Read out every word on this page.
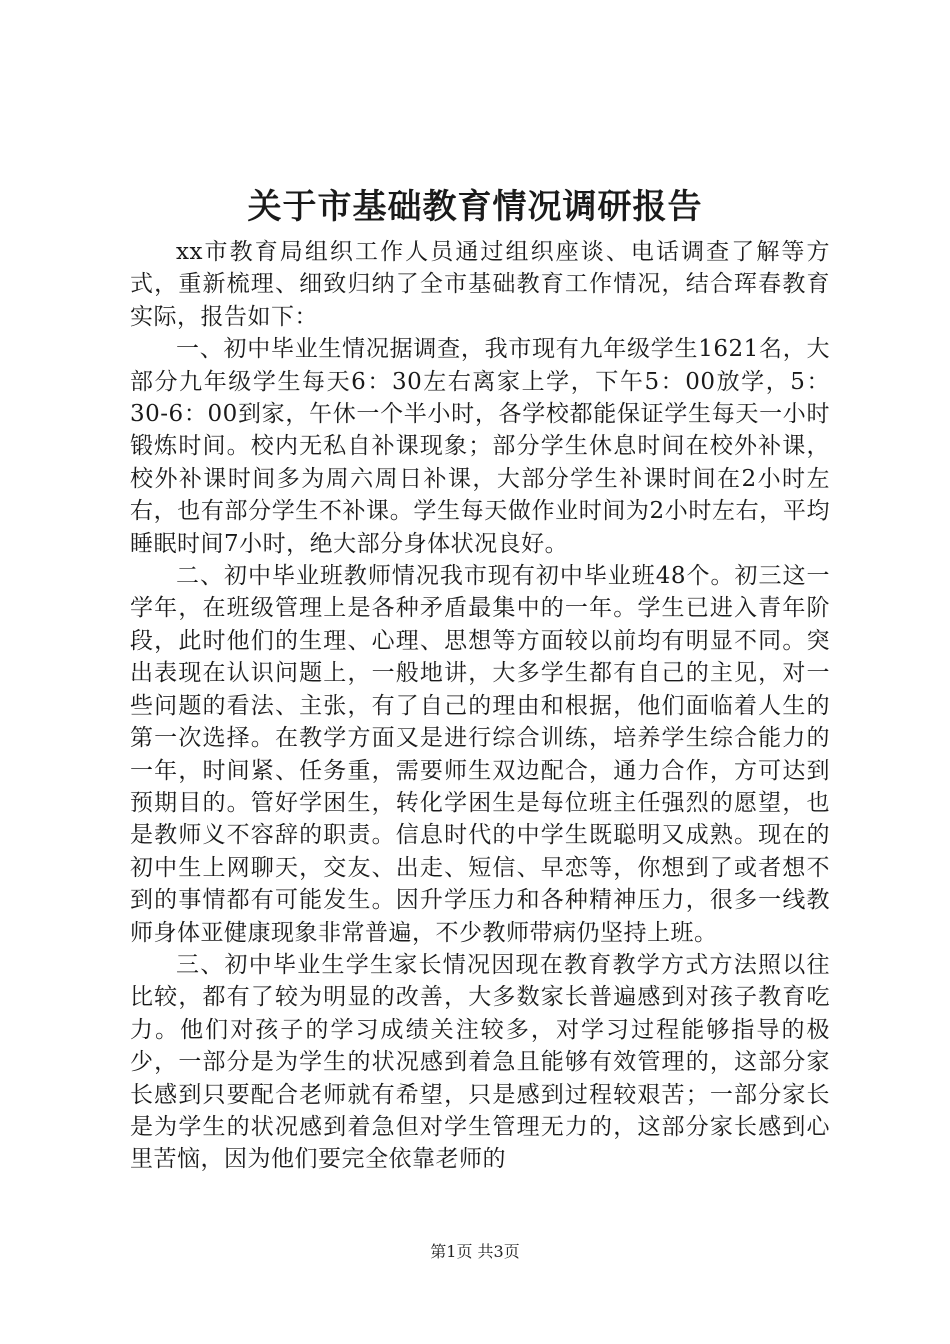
关于市基础教育情况调研报告

xx市教育局组织工作人员通过组织座谈、电话调查了解等方式，重新梳理、细致归纳了全市基础教育工作情况，结合珲春教育实际，报告如下：

一、初中毕业生情况据调查，我市现有九年级学生1621名，大部分九年级学生每天6：30左右离家上学，下午5：00放学，5：30-6：00到家，午休一个半小时，各学校都能保证学生每天一小时锻炼时间。校内无私自补课现象；部分学生休息时间在校外补课，校外补课时间多为周六周日补课，大部分学生补课时间在2小时左右，也有部分学生不补课。学生每天做作业时间为2小时左右，平均睡眠时间7小时，绝大部分身体状况良好。

二、初中毕业班教师情况我市现有初中毕业班48个。初三这一学年，在班级管理上是各种矛盾最集中的一年。学生已进入青年阶段，此时他们的生理、心理、思想等方面较以前均有明显不同。突出表现在认识问题上，一般地讲，大多学生都有自己的主见，对一些问题的看法、主张，有了自己的理由和根据，他们面临着人生的第一次选择。在教学方面又是进行综合训练，培养学生综合能力的一年，时间紧、任务重，需要师生双边配合，通力合作，方可达到预期目的。管好学困生，转化学困生是每位班主任强烈的愿望，也是教师义不容辞的职责。信息时代的中学生既聪明又成熟。现在的初中生上网聊天，交友、出走、短信、早恋等，你想到了或者想不到的事情都有可能发生。因升学压力和各种精神压力，很多一线教师身体亚健康现象非常普遍，不少教师带病仍坚持上班。

三、初中毕业生学生家长情况因现在教育教学方式方法照以往比较，都有了较为明显的改善，大多数家长普遍感到对孩子教育吃力。他们对孩子的学习成绩关注较多，对学习过程能够指导的极少，一部分是为学生的状况感到着急且能够有效管理的，这部分家长感到只要配合老师就有希望，只是感到过程较艰苦；一部分家长是为学生的状况感到着急但对学生管理无力的，这部分家长感到心里苦恼，因为他们要完全依靠老师的

第1页 共3页
